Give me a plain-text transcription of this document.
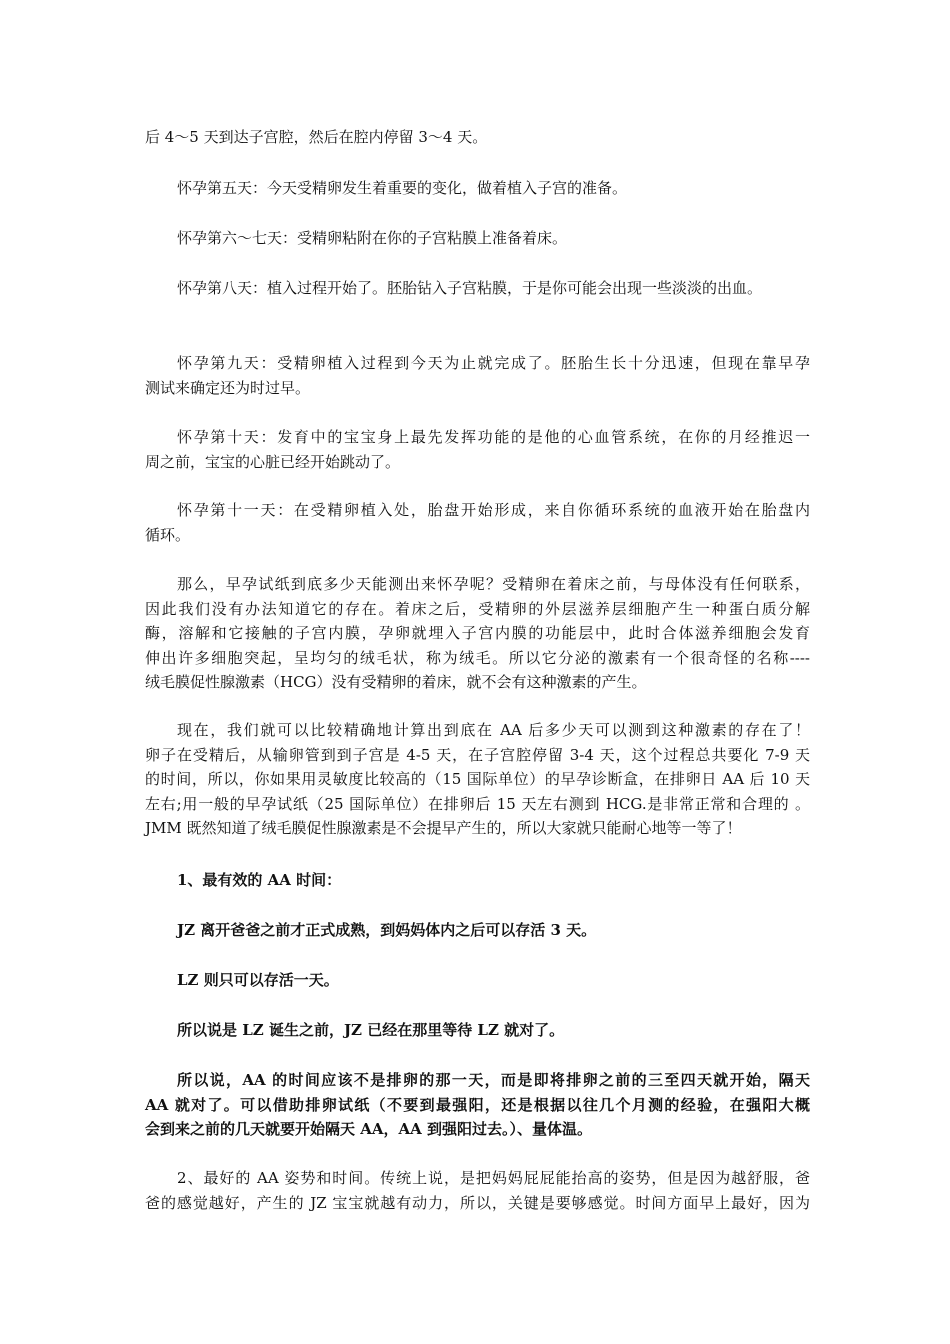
后 4～5 天到达子宫腔，然后在腔内停留 3～4 天。

怀孕第五天：今天受精卵发生着重要的变化，做着植入子宫的准备。

怀孕第六～七天：受精卵粘附在你的子宫粘膜上准备着床。

怀孕第八天：植入过程开始了。胚胎钻入子宫粘膜，于是你可能会出现一些淡淡的出血。

怀孕第九天：受精卵植入过程到今天为止就完成了。胚胎生长十分迅速，但现在靠早孕
测试来确定还为时过早。

怀孕第十天：发育中的宝宝身上最先发挥功能的是他的心血管系统，在你的月经推迟一
周之前，宝宝的心脏已经开始跳动了。

怀孕第十一天：在受精卵植入处，胎盘开始形成，来自你循环系统的血液开始在胎盘内
循环。

那么，早孕试纸到底多少天能测出来怀孕呢？受精卵在着床之前，与母体没有任何联系，
因此我们没有办法知道它的存在。着床之后，受精卵的外层滋养层细胞产生一种蛋白质分解
酶，溶解和它接触的子宫内膜，孕卵就埋入子宫内膜的功能层中，此时合体滋养细胞会发育
伸出许多细胞突起，呈均匀的绒毛状，称为绒毛。所以它分泌的激素有一个很奇怪的名称----
绒毛膜促性腺激素（HCG）没有受精卵的着床，就不会有这种激素的产生。

现在，我们就可以比较精确地计算出到底在 AA 后多少天可以测到这种激素的存在了！
卵子在受精后，从输卵管到到子宫是 4-5 天，在子宫腔停留 3-4 天，这个过程总共要化 7-9 天
的时间，所以，你如果用灵敏度比较高的（15 国际单位）的早孕诊断盒，在排卵日 AA 后 10 天
左右;用一般的早孕试纸（25 国际单位）在排卵后 15 天左右测到 HCG.是非常正常和合理的 。
JMM 既然知道了绒毛膜促性腺激素是不会提早产生的，所以大家就只能耐心地等一等了！

1、最有效的 AA 时间：

JZ 离开爸爸之前才正式成熟，到妈妈体内之后可以存活 3 天。

LZ 则只可以存活一天。

所以说是 LZ 诞生之前，JZ 已经在那里等待 LZ 就对了。

所以说，AA 的时间应该不是排卵的那一天，而是即将排卵之前的三至四天就开始，隔天
AA 就对了。可以借助排卵试纸（不要到最强阳，还是根据以往几个月测的经验，在强阳大概
会到来之前的几天就要开始隔天 AA，AA 到强阳过去。）、量体温。

2、最好的 AA 姿势和时间。传统上说，是把妈妈屁屁能抬高的姿势，但是因为越舒服，爸
爸的感觉越好，产生的 JZ 宝宝就越有动力，所以，关键是要够感觉。时间方面早上最好，因为
